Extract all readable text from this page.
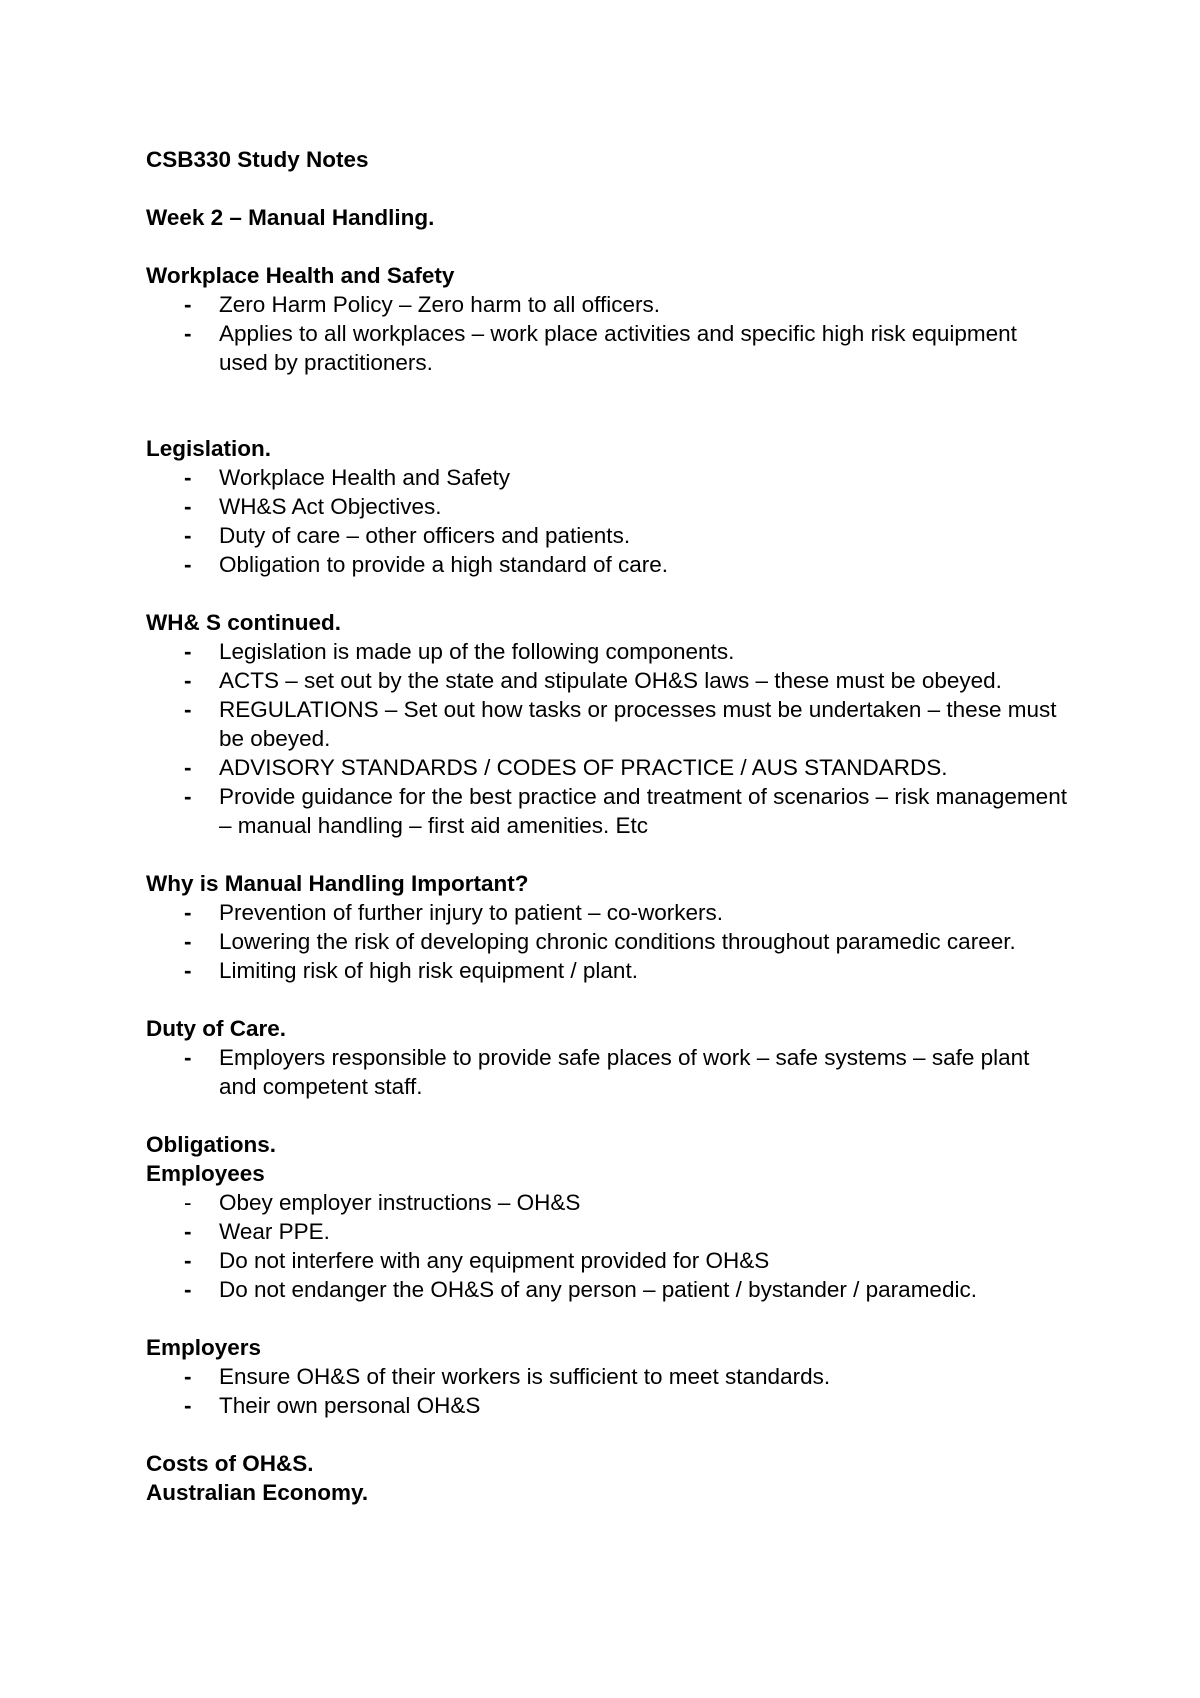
CSB330 Study Notes
Week 2 – Manual Handling.
Workplace Health and Safety
- Zero Harm Policy – Zero harm to all officers.
- Applies to all workplaces – work place activities and specific high risk equipment used by practitioners.
Legislation.
- Workplace Health and Safety
- WH&S Act Objectives.
- Duty of care – other officers and patients.
- Obligation to provide a high standard of care.
WH& S continued.
- Legislation is made up of the following components.
- ACTS – set out by the state and stipulate OH&S laws – these must be obeyed.
- REGULATIONS – Set out how tasks or processes must be undertaken – these must be obeyed.
- ADVISORY STANDARDS / CODES OF PRACTICE / AUS STANDARDS.
- Provide guidance for the best practice and treatment of scenarios – risk management – manual handling – first aid amenities. Etc
Why is Manual Handling Important?
- Prevention of further injury to patient – co-workers.
- Lowering the risk of developing chronic conditions throughout paramedic career.
- Limiting risk of high risk equipment / plant.
Duty of Care.
- Employers responsible to provide safe places of work – safe systems – safe plant and competent staff.
Obligations.
Employees
- Obey employer instructions – OH&S
- Wear PPE.
- Do not interfere with any equipment provided for OH&S
- Do not endanger the OH&S of any person – patient / bystander / paramedic.
Employers
- Ensure OH&S of their workers is sufficient to meet standards.
- Their own personal OH&S
Costs of OH&S.
Australian Economy.
